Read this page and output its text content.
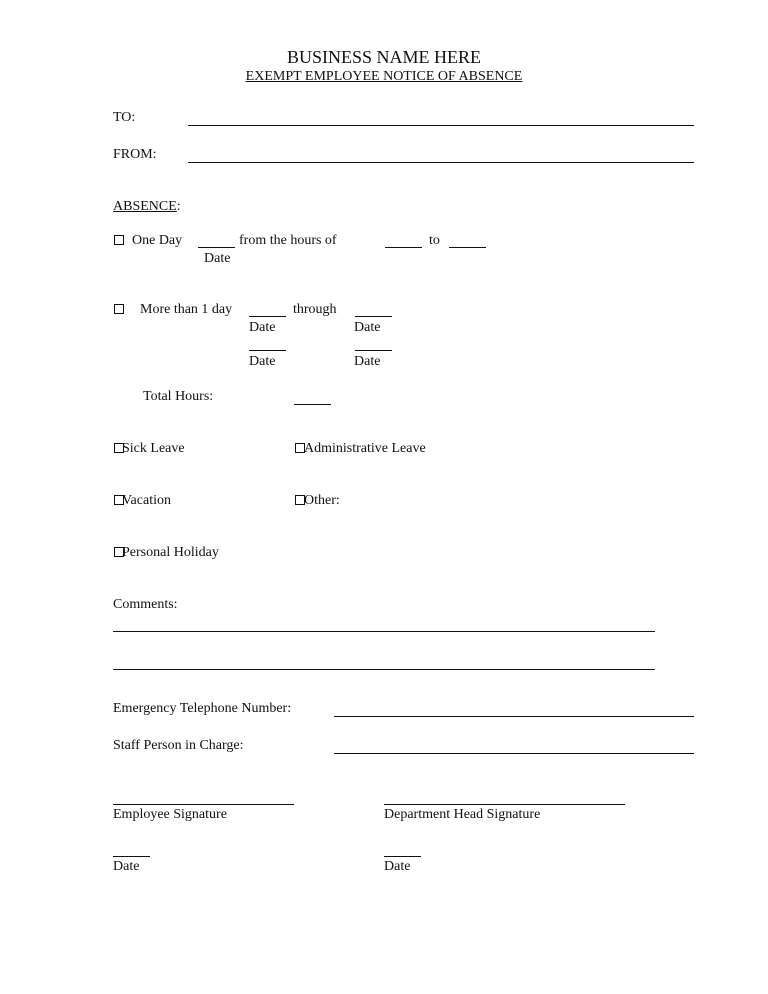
BUSINESS NAME HERE
EXEMPT EMPLOYEE NOTICE OF ABSENCE
TO:
FROM:
ABSENCE:
One Day	from the hours of	to
Date
More than 1 day	through
Date	Date
Date	Date
Total Hours:
Sick Leave	Administrative Leave
Vacation	Other:
Personal Holiday
Comments:
Emergency Telephone Number:
Staff Person in Charge:
Employee Signature	Department Head Signature
Date	Date
